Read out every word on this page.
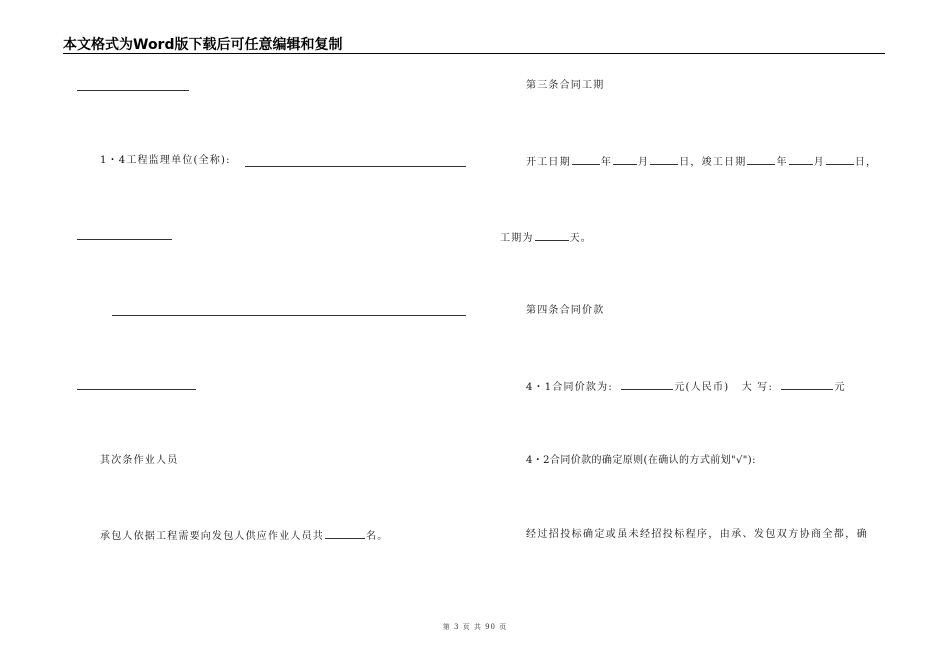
本文格式为Word版下载后可任意编辑和复制
1・4工程监理单位(全称):
其次条作业人员
承包人依据工程需要向发包人供应作业人员共	名。
第三条合同工期
开工日期	年	月	日，竣工日期	年	月	日，
工期为	天。
第四条合同价款
4・1合同价款为:	元(人民币) 大 写:	元
4・2合同价款的确定原则(在确认的方式前划"√"):
经过招投标确定或虽未经招投标程序，由承、发包双方协商全都，确
第 3 页 共 90 页
